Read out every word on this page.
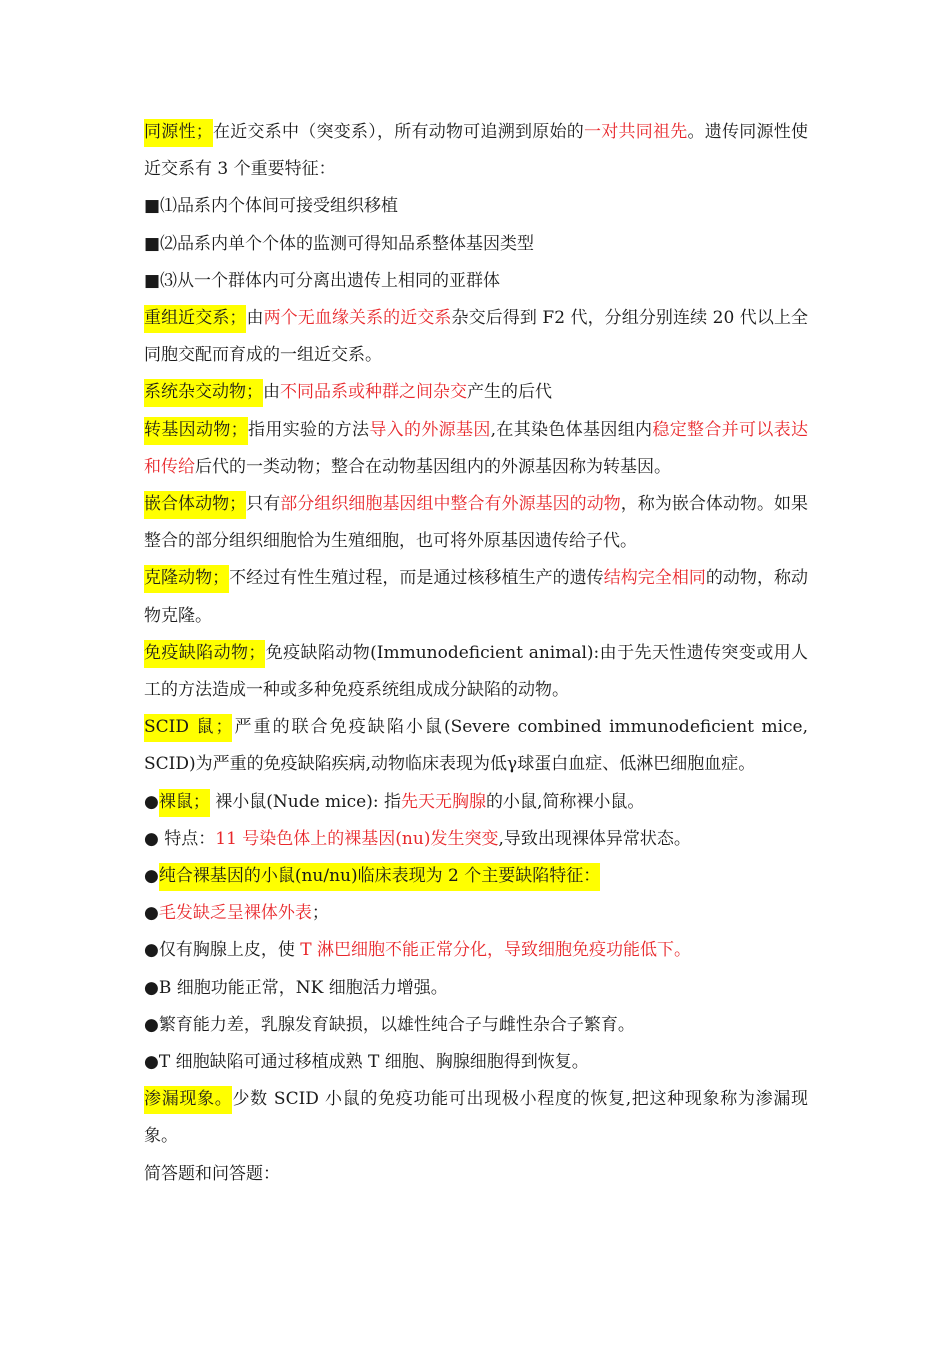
同源性；在近交系中（突变系），所有动物可追溯到原始的一对共同祖先。遗传同源性使近交系有 3 个重要特征：

■⑴品系内个体间可接受组织移植

■⑵品系内单个个体的监测可得知品系整体基因类型

■⑶从一个群体内可分离出遗传上相同的亚群体

重组近交系；由两个无血缘关系的近交系杂交后得到 F2 代，分组分别连续 20 代以上全同胞交配而育成的一组近交系。

系统杂交动物；由不同品系或种群之间杂交产生的后代

转基因动物；指用实验的方法导入的外源基因,在其染色体基因组内稳定整合并可以表达和传给后代的一类动物；整合在动物基因组内的外源基因称为转基因。

嵌合体动物；只有部分组织细胞基因组中整合有外源基因的动物，称为嵌合体动物。如果整合的部分组织细胞恰为生殖细胞，也可将外原基因遗传给子代。

克隆动物；不经过有性生殖过程，而是通过核移植生产的遗传结构完全相同的动物，称动物克隆。

免疫缺陷动物；免疫缺陷动物(Immunodeficient animal):由于先天性遗传突变或用人工的方法造成一种或多种免疫系统组成成分缺陷的动物。

SCID 鼠；严重的联合免疫缺陷小鼠(Severe combined immunodeficient mice, SCID)为严重的免疫缺陷疾病,动物临床表现为低γ球蛋白血症、低淋巴细胞血症。

●裸鼠； 裸小鼠(Nude mice): 指先天无胸腺的小鼠,简称裸小鼠。

● 特点：11 号染色体上的裸基因(nu)发生突变,导致出现裸体异常状态。

●纯合裸基因的小鼠(nu/nu)临床表现为 2 个主要缺陷特征：

●毛发缺乏呈裸体外表；

●仅有胸腺上皮，使 T 淋巴细胞不能正常分化，导致细胞免疫功能低下。

●B 细胞功能正常，NK 细胞活力增强。

●繁育能力差，乳腺发育缺损，以雄性纯合子与雌性杂合子繁育。

●T 细胞缺陷可通过移植成熟 T 细胞、胸腺细胞得到恢复。

渗漏现象。少数 SCID 小鼠的免疫功能可出现极小程度的恢复,把这种现象称为渗漏现象。

简答题和问答题：
